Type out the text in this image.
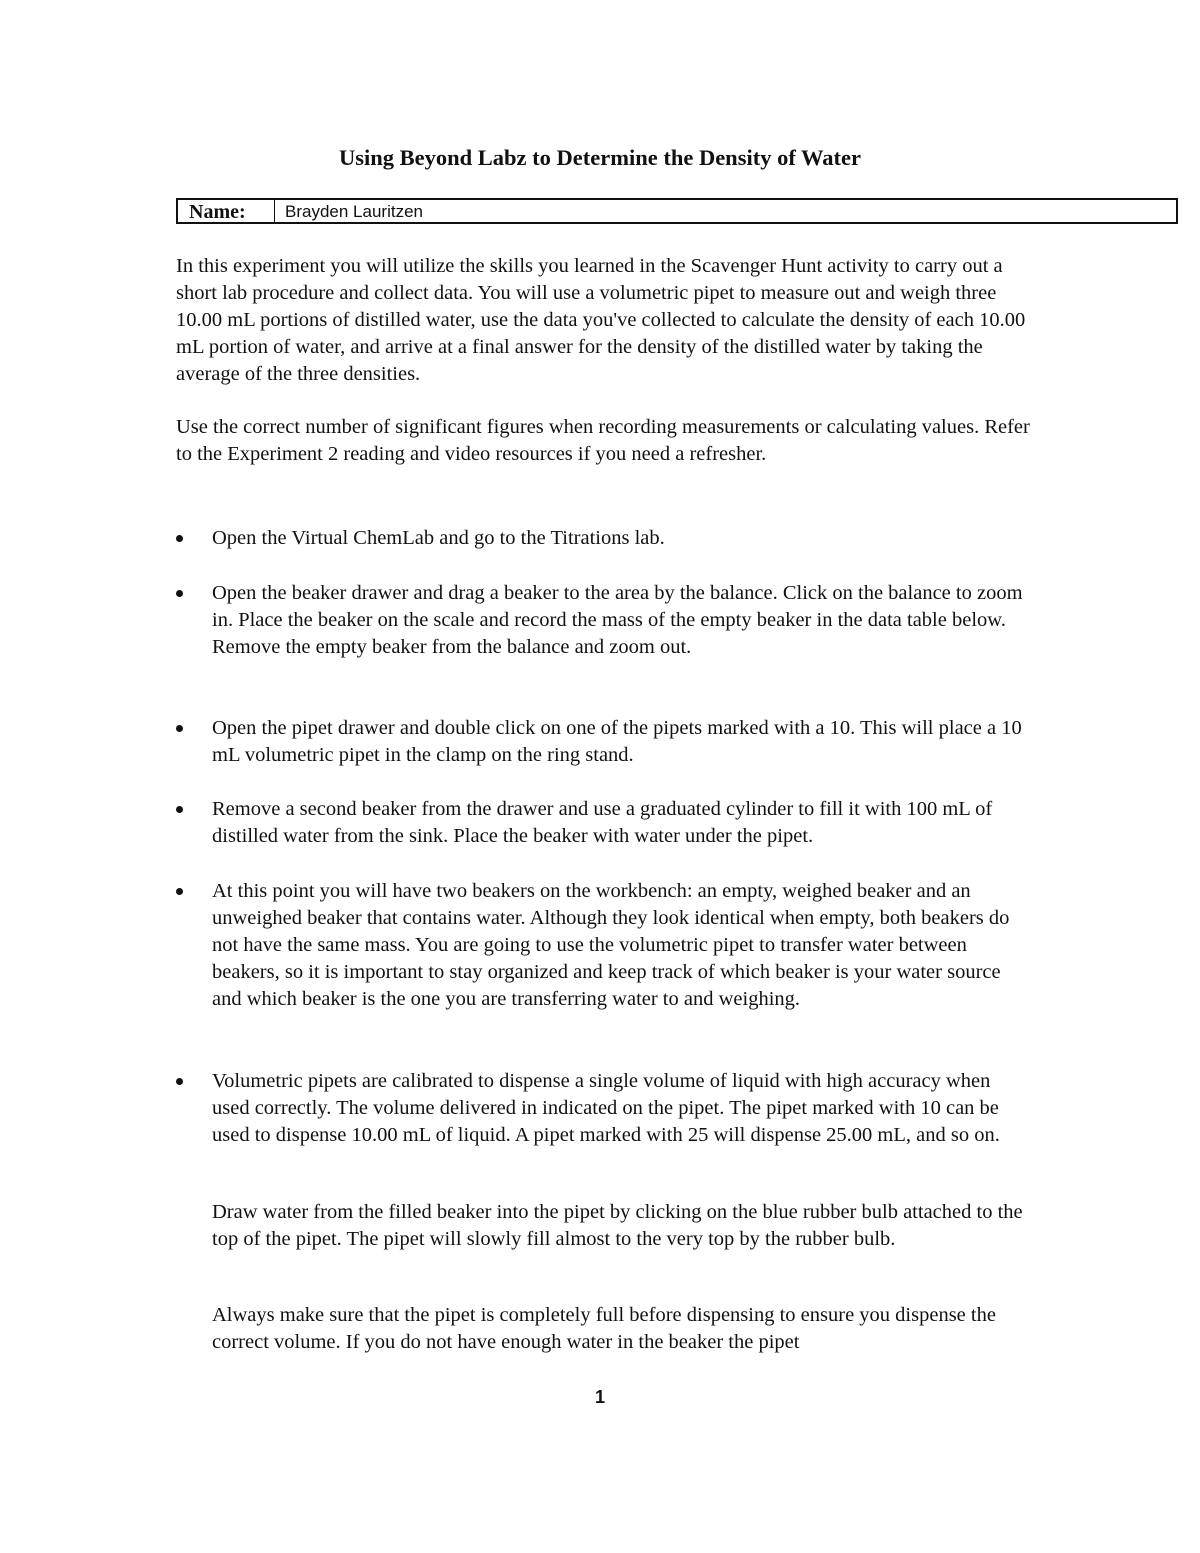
Using Beyond Labz to Determine the Density of Water
Name:	Brayden Lauritzen
In this experiment you will utilize the skills you learned in the Scavenger Hunt activity to carry out a short lab procedure and collect data. You will use a volumetric pipet to measure out and weigh three 10.00 mL portions of distilled water, use the data you've collected to calculate the density of each 10.00 mL portion of water, and arrive at a final answer for the density of the distilled water by taking the average of the three densities.
Use the correct number of significant figures when recording measurements or calculating values. Refer to the Experiment 2 reading and video resources if you need a refresher.
Open the Virtual ChemLab and go to the Titrations lab.
Open the beaker drawer and drag a beaker to the area by the balance. Click on the balance to zoom in. Place the beaker on the scale and record the mass of the empty beaker in the data table below. Remove the empty beaker from the balance and zoom out.
Open the pipet drawer and double click on one of the pipets marked with a 10. This will place a 10 mL volumetric pipet in the clamp on the ring stand.
Remove a second beaker from the drawer and use a graduated cylinder to fill it with 100 mL of distilled water from the sink. Place the beaker with water under the pipet.
At this point you will have two beakers on the workbench: an empty, weighed beaker and an unweighed beaker that contains water. Although they look identical when empty, both beakers do not have the same mass. You are going to use the volumetric pipet to transfer water between beakers, so it is important to stay organized and keep track of which beaker is your water source and which beaker is the one you are transferring water to and weighing.
Volumetric pipets are calibrated to dispense a single volume of liquid with high accuracy when used correctly. The volume delivered in indicated on the pipet. The pipet marked with 10 can be used to dispense 10.00 mL of liquid. A pipet marked with 25 will dispense 25.00 mL, and so on.
Draw water from the filled beaker into the pipet by clicking on the blue rubber bulb attached to the top of the pipet. The pipet will slowly fill almost to the very top by the rubber bulb.
Always make sure that the pipet is completely full before dispensing to ensure you dispense the correct volume. If you do not have enough water in the beaker the pipet
1
